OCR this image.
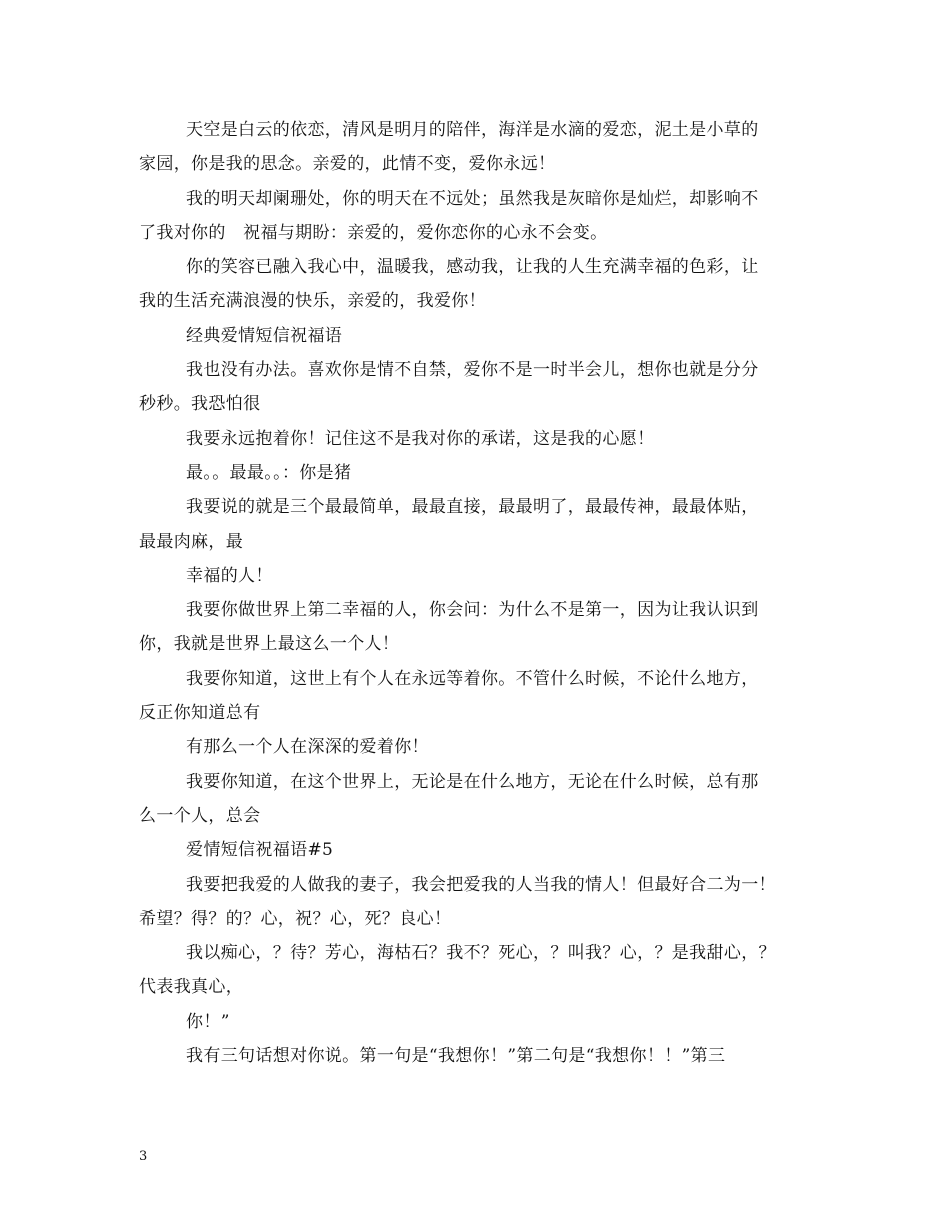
天空是白云的依恋，清风是明月的陪伴，海洋是水滴的爱恋，泥土是小草的
家园，你是我的思念。亲爱的，此情不变，爱你永远！
我的明天却阑珊处，你的明天在不远处；虽然我是灰暗你是灿烂，却影响不
了我对你的　祝福与期盼：亲爱的，爱你恋你的心永不会变。
你的笑容已融入我心中，温暖我，感动我，让我的人生充满幸福的色彩，让
我的生活充满浪漫的快乐，亲爱的，我爱你！
经典爱情短信祝福语
我也没有办法。喜欢你是情不自禁，爱你不是一时半会儿，想你也就是分分
秒秒。我恐怕很
我要永远抱着你！记住这不是我对你的承诺，这是我的心愿！
最。。最最。。：你是猪
我要说的就是三个最最简单，最最直接，最最明了，最最传神，最最体贴，
最最肉麻，最
幸福的人！
我要你做世界上第二幸福的人，你会问：为什么不是第一，因为让我认识到
你，我就是世界上最这么一个人！
我要你知道，这世上有个人在永远等着你。不管什么时候，不论什么地方，
反正你知道总有
有那么一个人在深深的爱着你！
我要你知道，在这个世界上，无论是在什么地方，无论在什么时候，总有那
么一个人，总会
爱情短信祝福语#5
我要把我爱的人做我的妻子，我会把爱我的人当我的情人！但最好合二为一！
希望？得？的？心，祝？心，死？良心！
我以痴心，？待？芳心，海枯石？我不？死心，？叫我？心，？是我甜心，？
代表我真心，
你！”
我有三句话想对你说。第一句是“我想你！”第二句是“我想你！！”第三
3
